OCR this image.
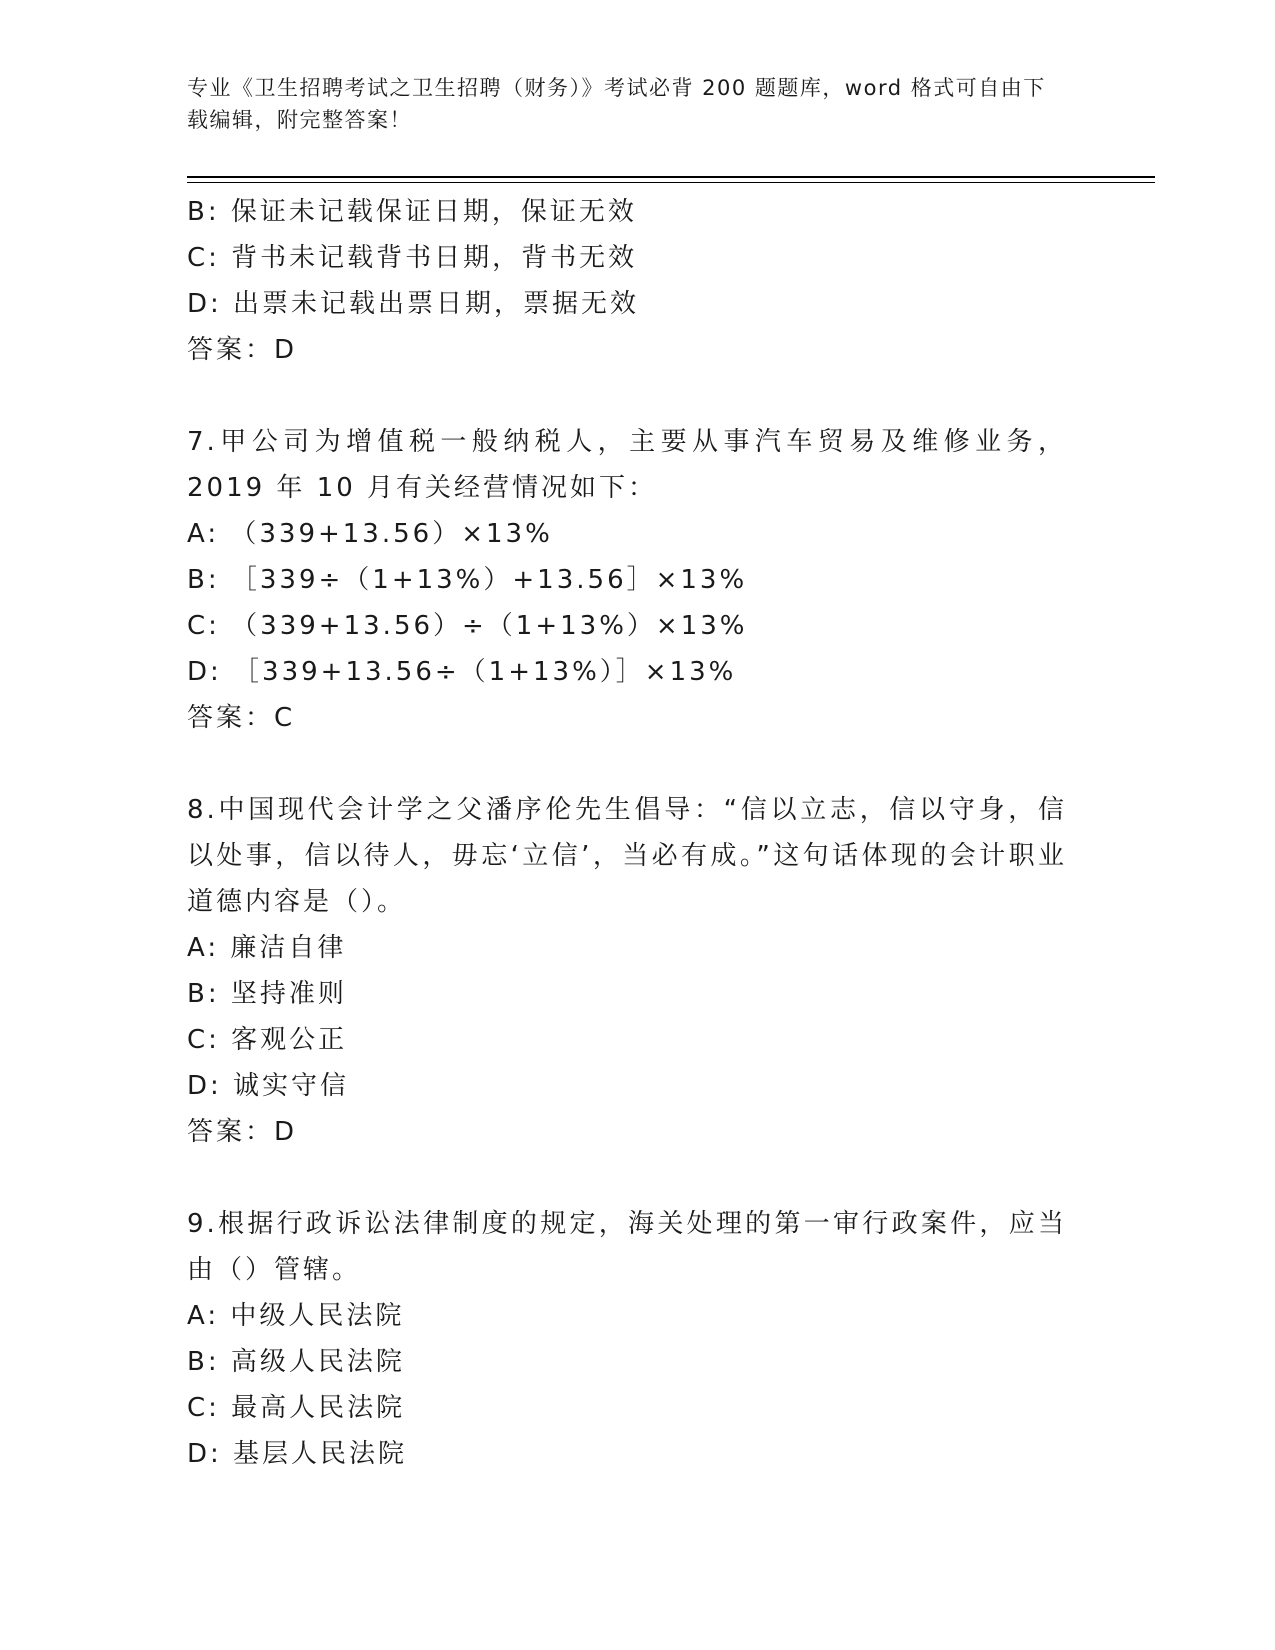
专业《卫生招聘考试之卫生招聘（财务）》考试必背 200 题题库，word 格式可自由下载编辑，附完整答案！

B: 保证未记载保证日期，保证无效

C: 背书未记载背书日期，背书无效

D: 出票未记载出票日期，票据无效

答案：D

7.甲公司为增值税一般纳税人，主要从事汽车贸易及维修业务，2019 年 10 月有关经营情况如下：

A: （339+13.56）×13%

B: ［339÷（1+13%）+13.56］×13%

C: （339+13.56）÷（1+13%）×13%

D: ［339+13.56÷（1+13%）］×13%

答案：C

8.中国现代会计学之父潘序伦先生倡导：“信以立志，信以守身，信以处事，信以待人，毋忘‘立信’，当必有成。”这句话体现的会计职业道德内容是（）。

A: 廉洁自律

B: 坚持准则

C: 客观公正

D: 诚实守信

答案：D

9.根据行政诉讼法律制度的规定，海关处理的第一审行政案件，应当由（）管辖。

A: 中级人民法院

B: 高级人民法院

C: 最高人民法院

D: 基层人民法院
